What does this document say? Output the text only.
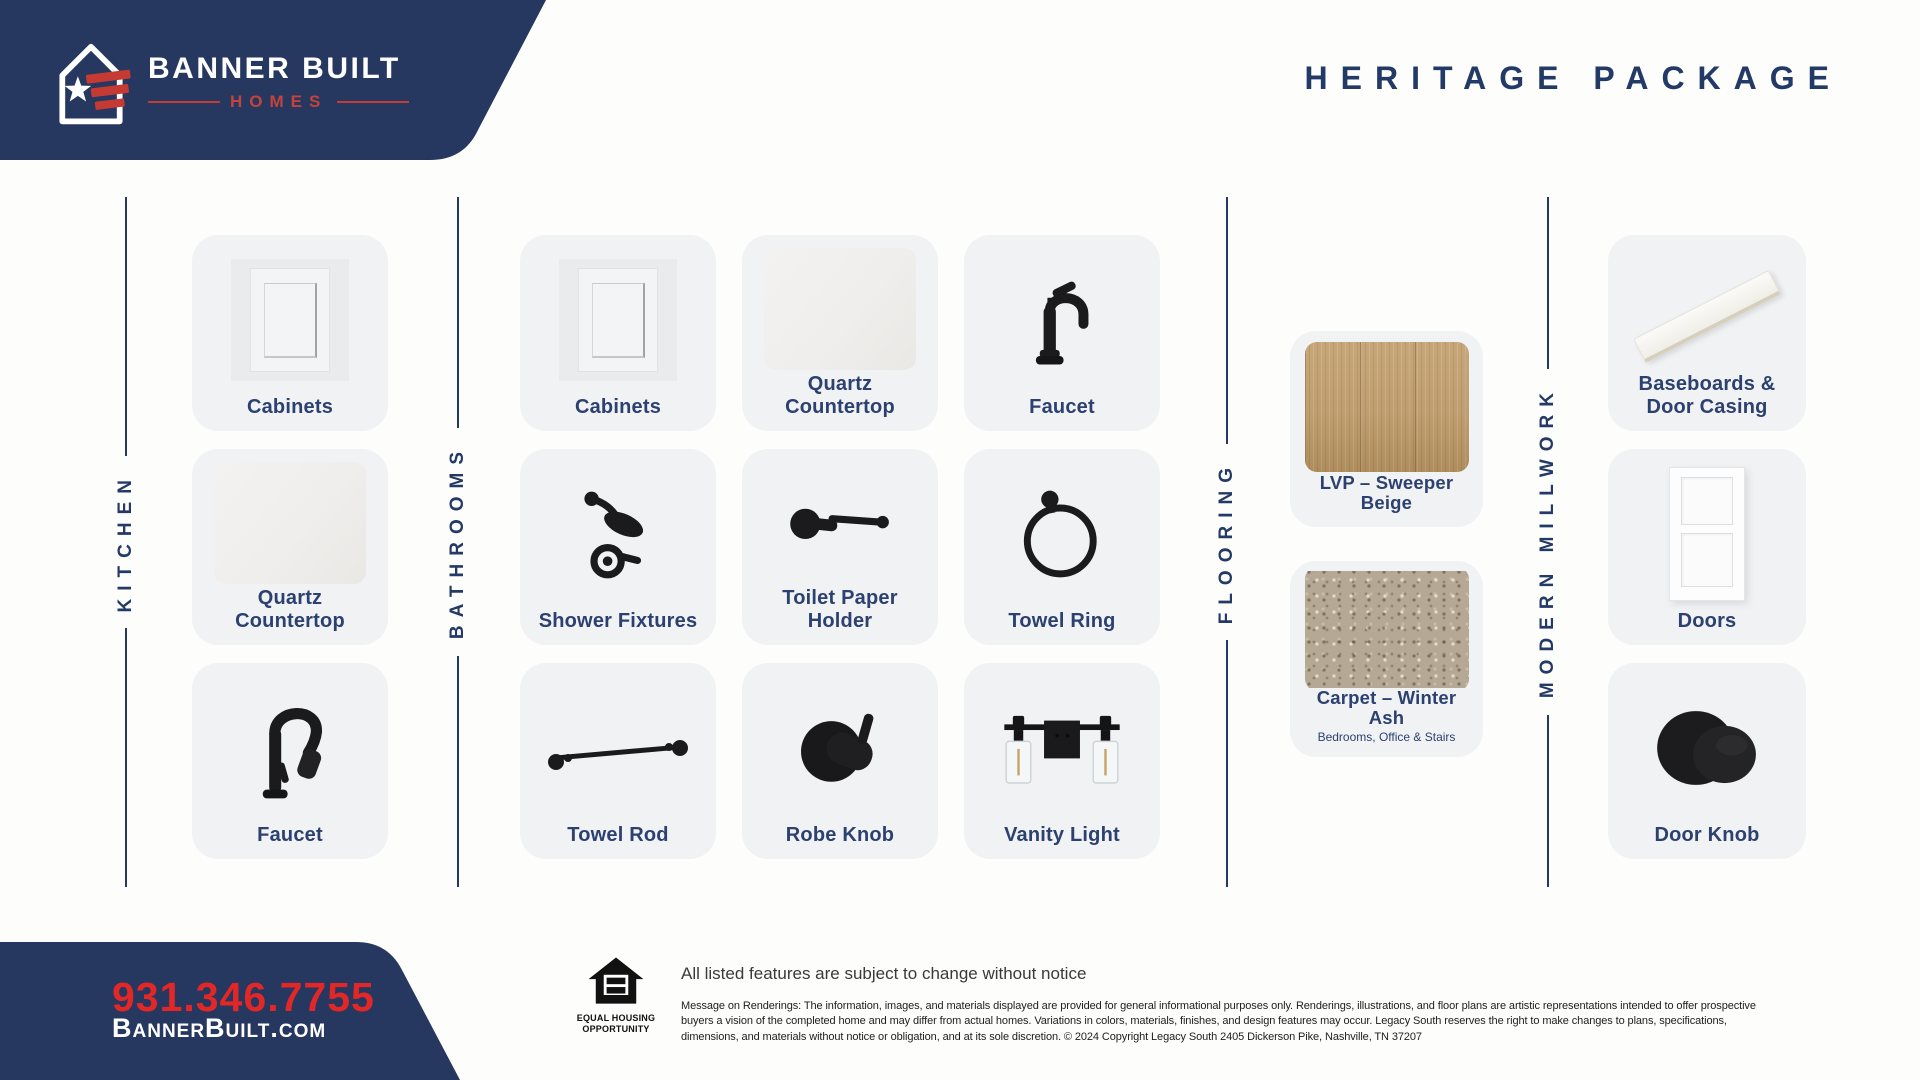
BANNER BUILT
HOMES
HERITAGE PACKAGE
KITCHEN	BATHROOMS	FLOORING	MODERN MILLWORK
Cabinets
Quartz Countertop
Faucet
Cabinets
Quartz Countertop	Faucet
Shower Fixtures
Toilet Paper Holder	Towel Ring
Towel Rod	Robe Knob	Vanity Light
LVP – Sweeper Beige
Carpet – Winter Ash
Bedrooms, Office & Stairs
Baseboards & Door Casing
Doors
Door Knob
931.346.7755
BannerBuilt.com	EQUAL HOUSING
OPPORTUNITY
All listed features are subject to change without notice
Message on Renderings: The information, images, and materials displayed are provided for general informational purposes only. Renderings, illustrations, and floor plans are artistic representations intended to offer prospective
buyers a vision of the completed home and may differ from actual homes. Variations in colors, materials, finishes, and design features may occur. Legacy South reserves the right to make changes to plans, specifications,
dimensions, and materials without notice or obligation, and at its sole discretion. © 2024 Copyright Legacy South 2405 Dickerson Pike, Nashville, TN 37207
